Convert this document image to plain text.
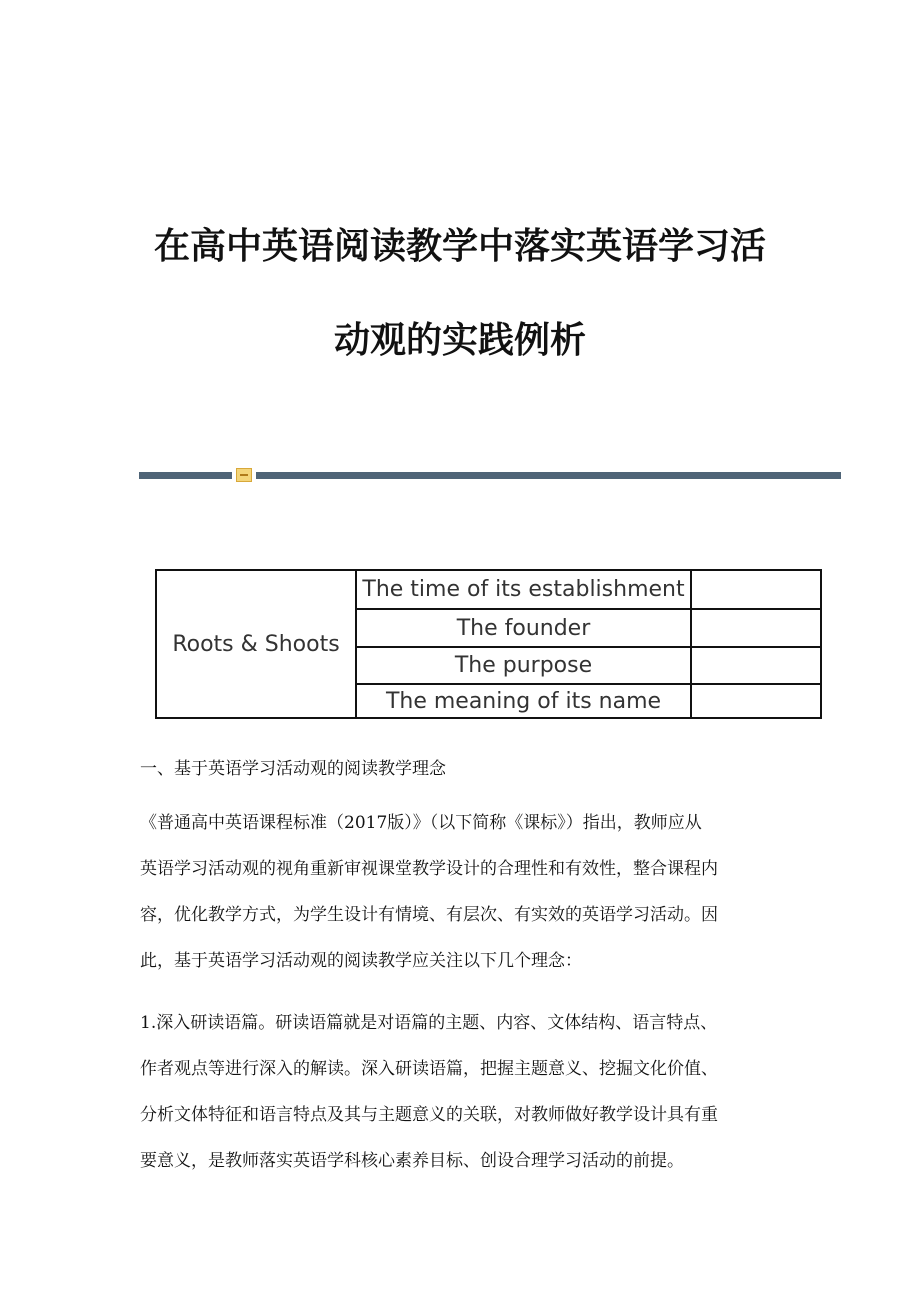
在高中英语阅读教学中落实英语学习活
动观的实践例析
Roots & Shoots	The time of its establishment	
	The founder	
	The purpose	
	The meaning of its name	

一、基于英语学习活动观的阅读教学理念

《普通高中英语课程标准（2017版）》（以下简称《课标》）指出，教师应从
英语学习活动观的视角重新审视课堂教学设计的合理性和有效性，整合课程内
容，优化教学方式，为学生设计有情境、有层次、有实效的英语学习活动。因
此，基于英语学习活动观的阅读教学应关注以下几个理念：
1.深入研读语篇。研读语篇就是对语篇的主题、内容、文体结构、语言特点、
作者观点等进行深入的解读。深入研读语篇，把握主题意义、挖掘文化价值、
分析文体特征和语言特点及其与主题意义的关联，对教师做好教学设计具有重
要意义，是教师落实英语学科核心素养目标、创设合理学习活动的前提。
